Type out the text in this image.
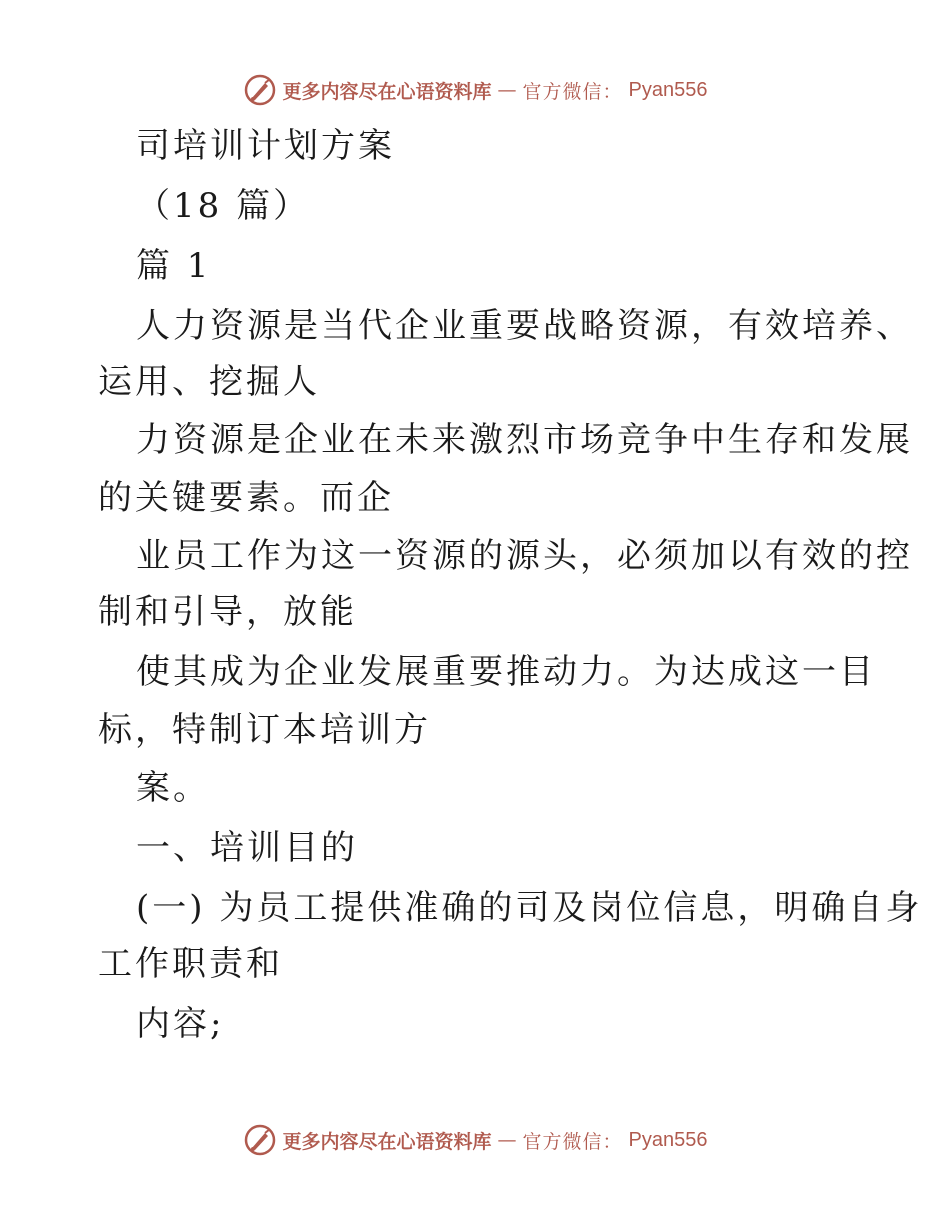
更多内容尽在心语资料库 — 官方微信： Pyan556
司培训计划方案
（18 篇）
篇 1
人力资源是当代企业重要战略资源，有效培养、
运用、挖掘人
力资源是企业在未来激烈市场竞争中生存和发展
的关键要素。而企
业员工作为这一资源的源头，必须加以有效的控
制和引导，放能
使其成为企业发展重要推动力。为达成这一目
标，特制订本培训方
案。
一、培训目的
(一) 为员工提供准确的司及岗位信息，明确自身
工作职责和
内容;
更多内容尽在心语资料库 — 官方微信： Pyan556
